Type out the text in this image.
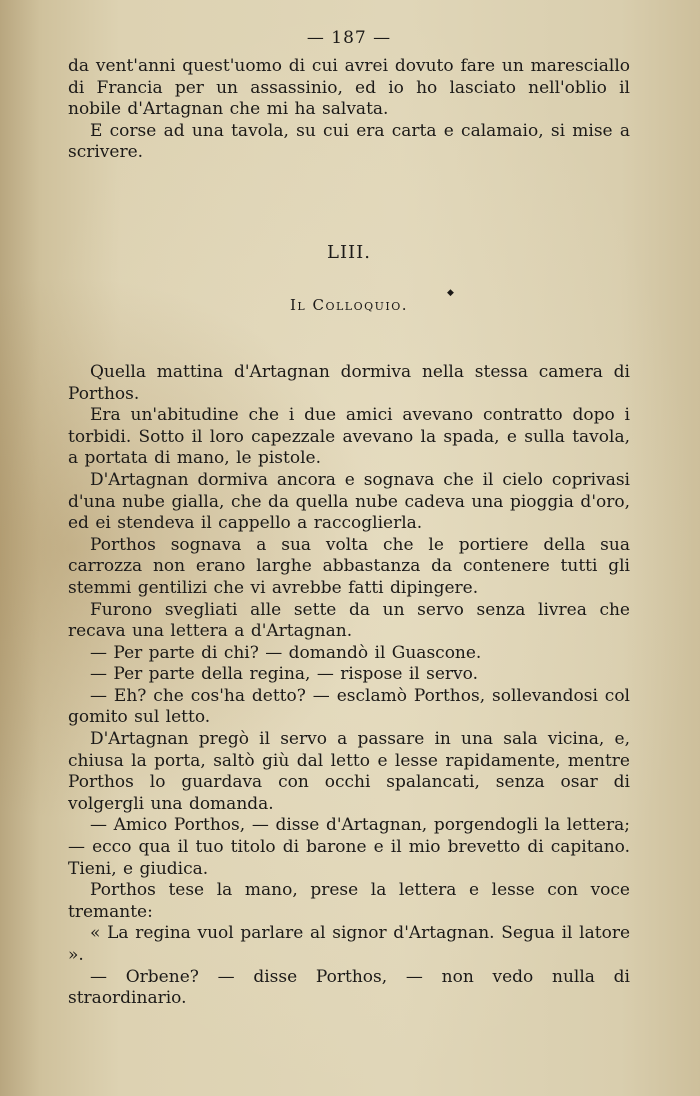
— 187 —

da vent'anni quest'uomo di cui avrei dovuto fare un maresciallo di Francia per un assassinio, ed io ho lasciato nell'oblio il nobile d'Artagnan che mi ha salvata.

E corse ad una tavola, su cui era carta e calamaio, si mise a scrivere.

LIII.
Il Colloquio.

Quella mattina d'Artagnan dormiva nella stessa camera di Porthos.

Era un'abitudine che i due amici avevano contratto dopo i torbidi. Sotto il loro capezzale avevano la spada, e sulla tavola, a portata di mano, le pistole.

D'Artagnan dormiva ancora e sognava che il cielo coprivasi d'una nube gialla, che da quella nube cadeva una pioggia d'oro, ed ei stendeva il cappello a raccoglierla.

Porthos sognava a sua volta che le portiere della sua carrozza non erano larghe abbastanza da contenere tutti gli stemmi gentilizi che vi avrebbe fatti dipingere.

Furono svegliati alle sette da un servo senza livrea che recava una lettera a d'Artagnan.

— Per parte di chi? — domandò il Guascone.

— Per parte della regina, — rispose il servo.

— Eh? che cos'ha detto? — esclamò Porthos, sollevandosi col gomito sul letto.

D'Artagnan pregò il servo a passare in una sala vicina, e, chiusa la porta, saltò giù dal letto e lesse rapidamente, mentre Porthos lo guardava con occhi spalancati, senza osar di volgergli una domanda.

— Amico Porthos, — disse d'Artagnan, porgendogli la lettera; — ecco qua il tuo titolo di barone e il mio brevetto di capitano. Tieni, e giudica.

Porthos tese la mano, prese la lettera e lesse con voce tremante:

« La regina vuol parlare al signor d'Artagnan. Segua il latore ».

— Orbene? — disse Porthos, — non vedo nulla di straordinario.

◆
